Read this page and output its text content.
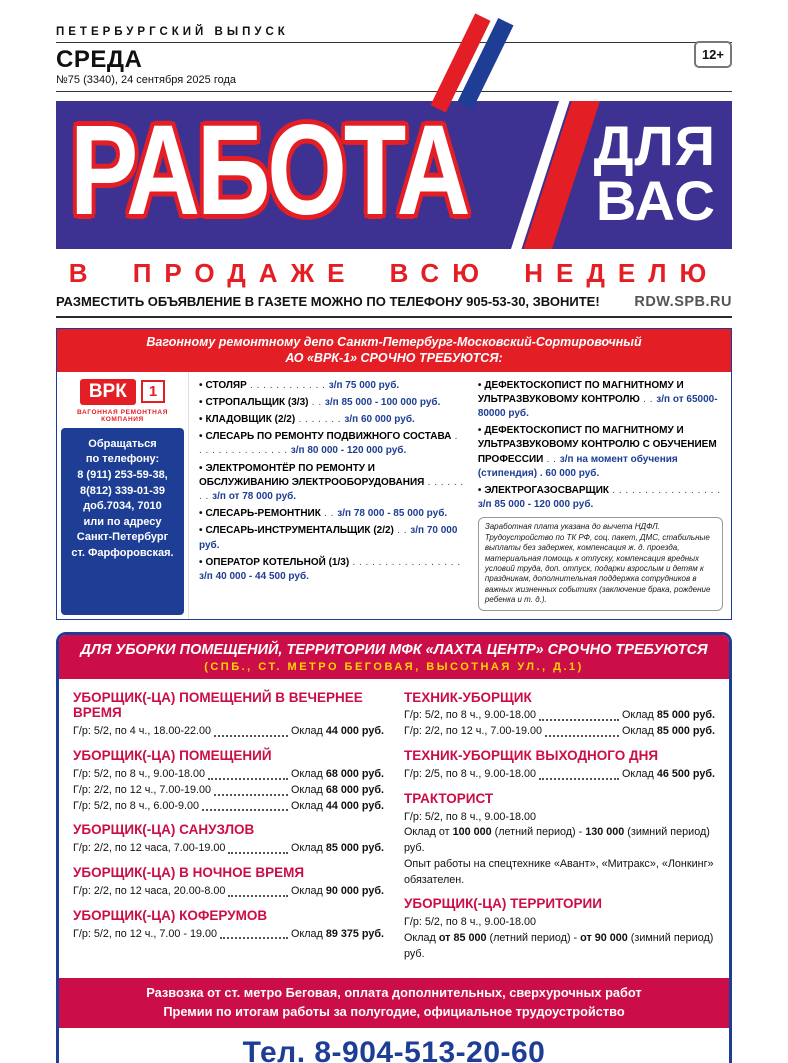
ПЕТЕРБУРГСКИЙ ВЫПУСК
СРЕДА
№75 (3340), 24 сентября 2025 года
12+
РАБОТА ДЛЯ
ВАС
В ПРОДАЖЕ ВСЮ НЕДЕЛЮ
РАЗМЕСТИТЬ ОБЪЯВЛЕНИЕ В ГАЗЕТЕ МОЖНО ПО ТЕЛЕФОНУ 905-53-30, ЗВОНИТЕ! RDW.SPB.RU
Вагонному ремонтному депо Санкт-Петербург-Московский-Сортировочный
АО «ВРК-1» СРОЧНО ТРЕБУЮТСЯ:
ВРК	1
ВАГОННАЯ РЕМОНТНАЯ КОМПАНИЯ
Обращаться
по телефону:
8 (911) 253-59-38,
8(812) 339-01-39
доб.7034, 7010
или по адресу
Санкт-Петербург
ст. Фарфоровская.
• СТОЛЯР . . . . . . . . . . . . з/п 75 000 руб.
• СТРОПАЛЬЩИК (3/3) . . з/п 85 000 - 100 000 руб.
• КЛАДОВЩИК (2/2) . . . . . . . з/п 60 000 руб.
• СЛЕСАРЬ ПО РЕМОНТУ ПОДВИЖНОГО СОСТАВА . . . . . . . . . . . . . . . з/п 80 000 - 120 000 руб.
• ЭЛЕКТРОМОНТЁР ПО РЕМОНТУ И ОБСЛУЖИВАНИЮ ЭЛЕКТРООБОРУДОВАНИЯ . . . . . . . . з/п от 78 000 руб.
• СЛЕСАРЬ-РЕМОНТНИК . . з/п 78 000 - 85 000 руб.
• СЛЕСАРЬ-ИНСТРУМЕНТАЛЬЩИК (2/2) . . з/п 70 000 руб.
• ОПЕРАТОР КОТЕЛЬНОЙ (1/3) . . . . . . . . . . . . . . . . . з/п 40 000 - 44 500 руб.
• ДЕФЕКТОСКОПИСТ ПО МАГНИТНОМУ И УЛЬТРАЗВУКОВОМУ КОНТРОЛЮ . . з/п от 65000-80000 руб.
• ДЕФЕКТОСКОПИСТ ПО МАГНИТНОМУ И УЛЬТРАЗВУКОВОМУ КОНТРОЛЮ С ОБУЧЕНИЕМ ПРОФЕССИИ . . з/п на момент обучения (стипендия) . 60 000 руб.
• ЭЛЕКТРОГАЗОСВАРЩИК . . . . . . . . . . . . . . . . . з/п 85 000 - 120 000 руб.
Заработная плата указана до вычета НДФЛ. Трудоустройство по ТК РФ, соц. пакет, ДМС, стабильные выплаты без задержек, компенсация ж. д. проезда, материальная помощь к отпуску, компенсация вредных условий труда, доп. отпуск, подарки взрослым и детям к праздникам, дополнительная поддержка сотрудников в важных жизненных событиях (заключение брака, рождение ребенка и т. д.).
ДЛЯ УБОРКИ ПОМЕЩЕНИЙ, ТЕРРИТОРИИ МФК «ЛАХТА ЦЕНТР» СРОЧНО ТРЕБУЮТСЯ
(СПБ., СТ. МЕТРО БЕГОВАЯ, ВЫСОТНАЯ УЛ., Д.1)
УБОРЩИК(-ЦА) ПОМЕЩЕНИЙ В ВЕЧЕРНЕЕ ВРЕМЯ
Г/р: 5/2, по 4 ч., 18.00-22.00	Оклад 44 000 руб.
УБОРЩИК(-ЦА) ПОМЕЩЕНИЙ
Г/р: 5/2, по 8 ч., 9.00-18.00	Оклад 68 000 руб.
Г/р: 2/2, по 12 ч., 7.00-19.00	Оклад 68 000 руб.
Г/р: 5/2, по 8 ч., 6.00-9.00	Оклад 44 000 руб.
УБОРЩИК(-ЦА) САНУЗЛОВ
Г/р: 2/2, по 12 часа, 7.00-19.00	Оклад 85 000 руб.
УБОРЩИК(-ЦА) В НОЧНОЕ ВРЕМЯ
Г/р: 2/2, по 12 часа, 20.00-8.00	Оклад 90 000 руб.
УБОРЩИК(-ЦА) КОФЕРУМОВ
Г/р: 5/2, по 12 ч., 7.00 - 19.00	Оклад 89 375 руб.
ТЕХНИК-УБОРЩИК
Г/р: 5/2, по 8 ч., 9.00-18.00	Оклад 85 000 руб.
Г/р: 2/2, по 12 ч., 7.00-19.00	Оклад 85 000 руб.
ТЕХНИК-УБОРЩИК ВЫХОДНОГО ДНЯ
Г/р: 2/5, по 8 ч., 9.00-18.00	Оклад 46 500 руб.
ТРАКТОРИСТ
Г/р: 5/2, по 8 ч., 9.00-18.00
Оклад от 100 000 (летний период) - 130 000 (зимний период) руб.
Опыт работы на спецтехнике «Авант», «Митракс», «Лонкинг» обязателен.
УБОРЩИК(-ЦА) ТЕРРИТОРИИ
Г/р: 5/2, по 8 ч., 9.00-18.00
Оклад от 85 000 (летний период) - от 90 000 (зимний период) руб.
Развозка от ст. метро Беговая, оплата дополнительных, сверхурочных работ
Премии по итогам работы за полугодие, официальное трудоустройство
Тел. 8-904-513-20-60
